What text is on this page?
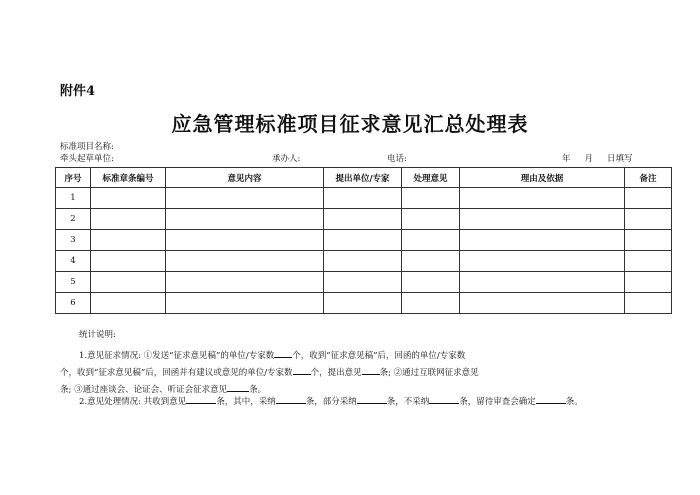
附件4
应急管理标准项目征求意见汇总处理表
标准项目名称:
牵头起草单位:	承办人:	电话:	年 月 日填写
序号	标准章条编号	意见内容	提出单位/专家	处理意见	理由及依据	备注
1						
2						
3						
4						
5						
6						
统计说明:
1.意见征求情况: ①发送“征求意见稿”的单位/专家数 个，收到“征求意见稿”后，回函的单位/专家数
个，收到“征求意见稿”后，回函并有建议或意见的单位/专家数 个，提出意见 条; ②通过互联网征求意见
条; ③通过座谈会、论证会、听证会征求意见	条。
2.意见处理情况: 共收到意见	条，其中，采纳	条，部分采纳	条，不采纳	条，留待审查会确定	条。
